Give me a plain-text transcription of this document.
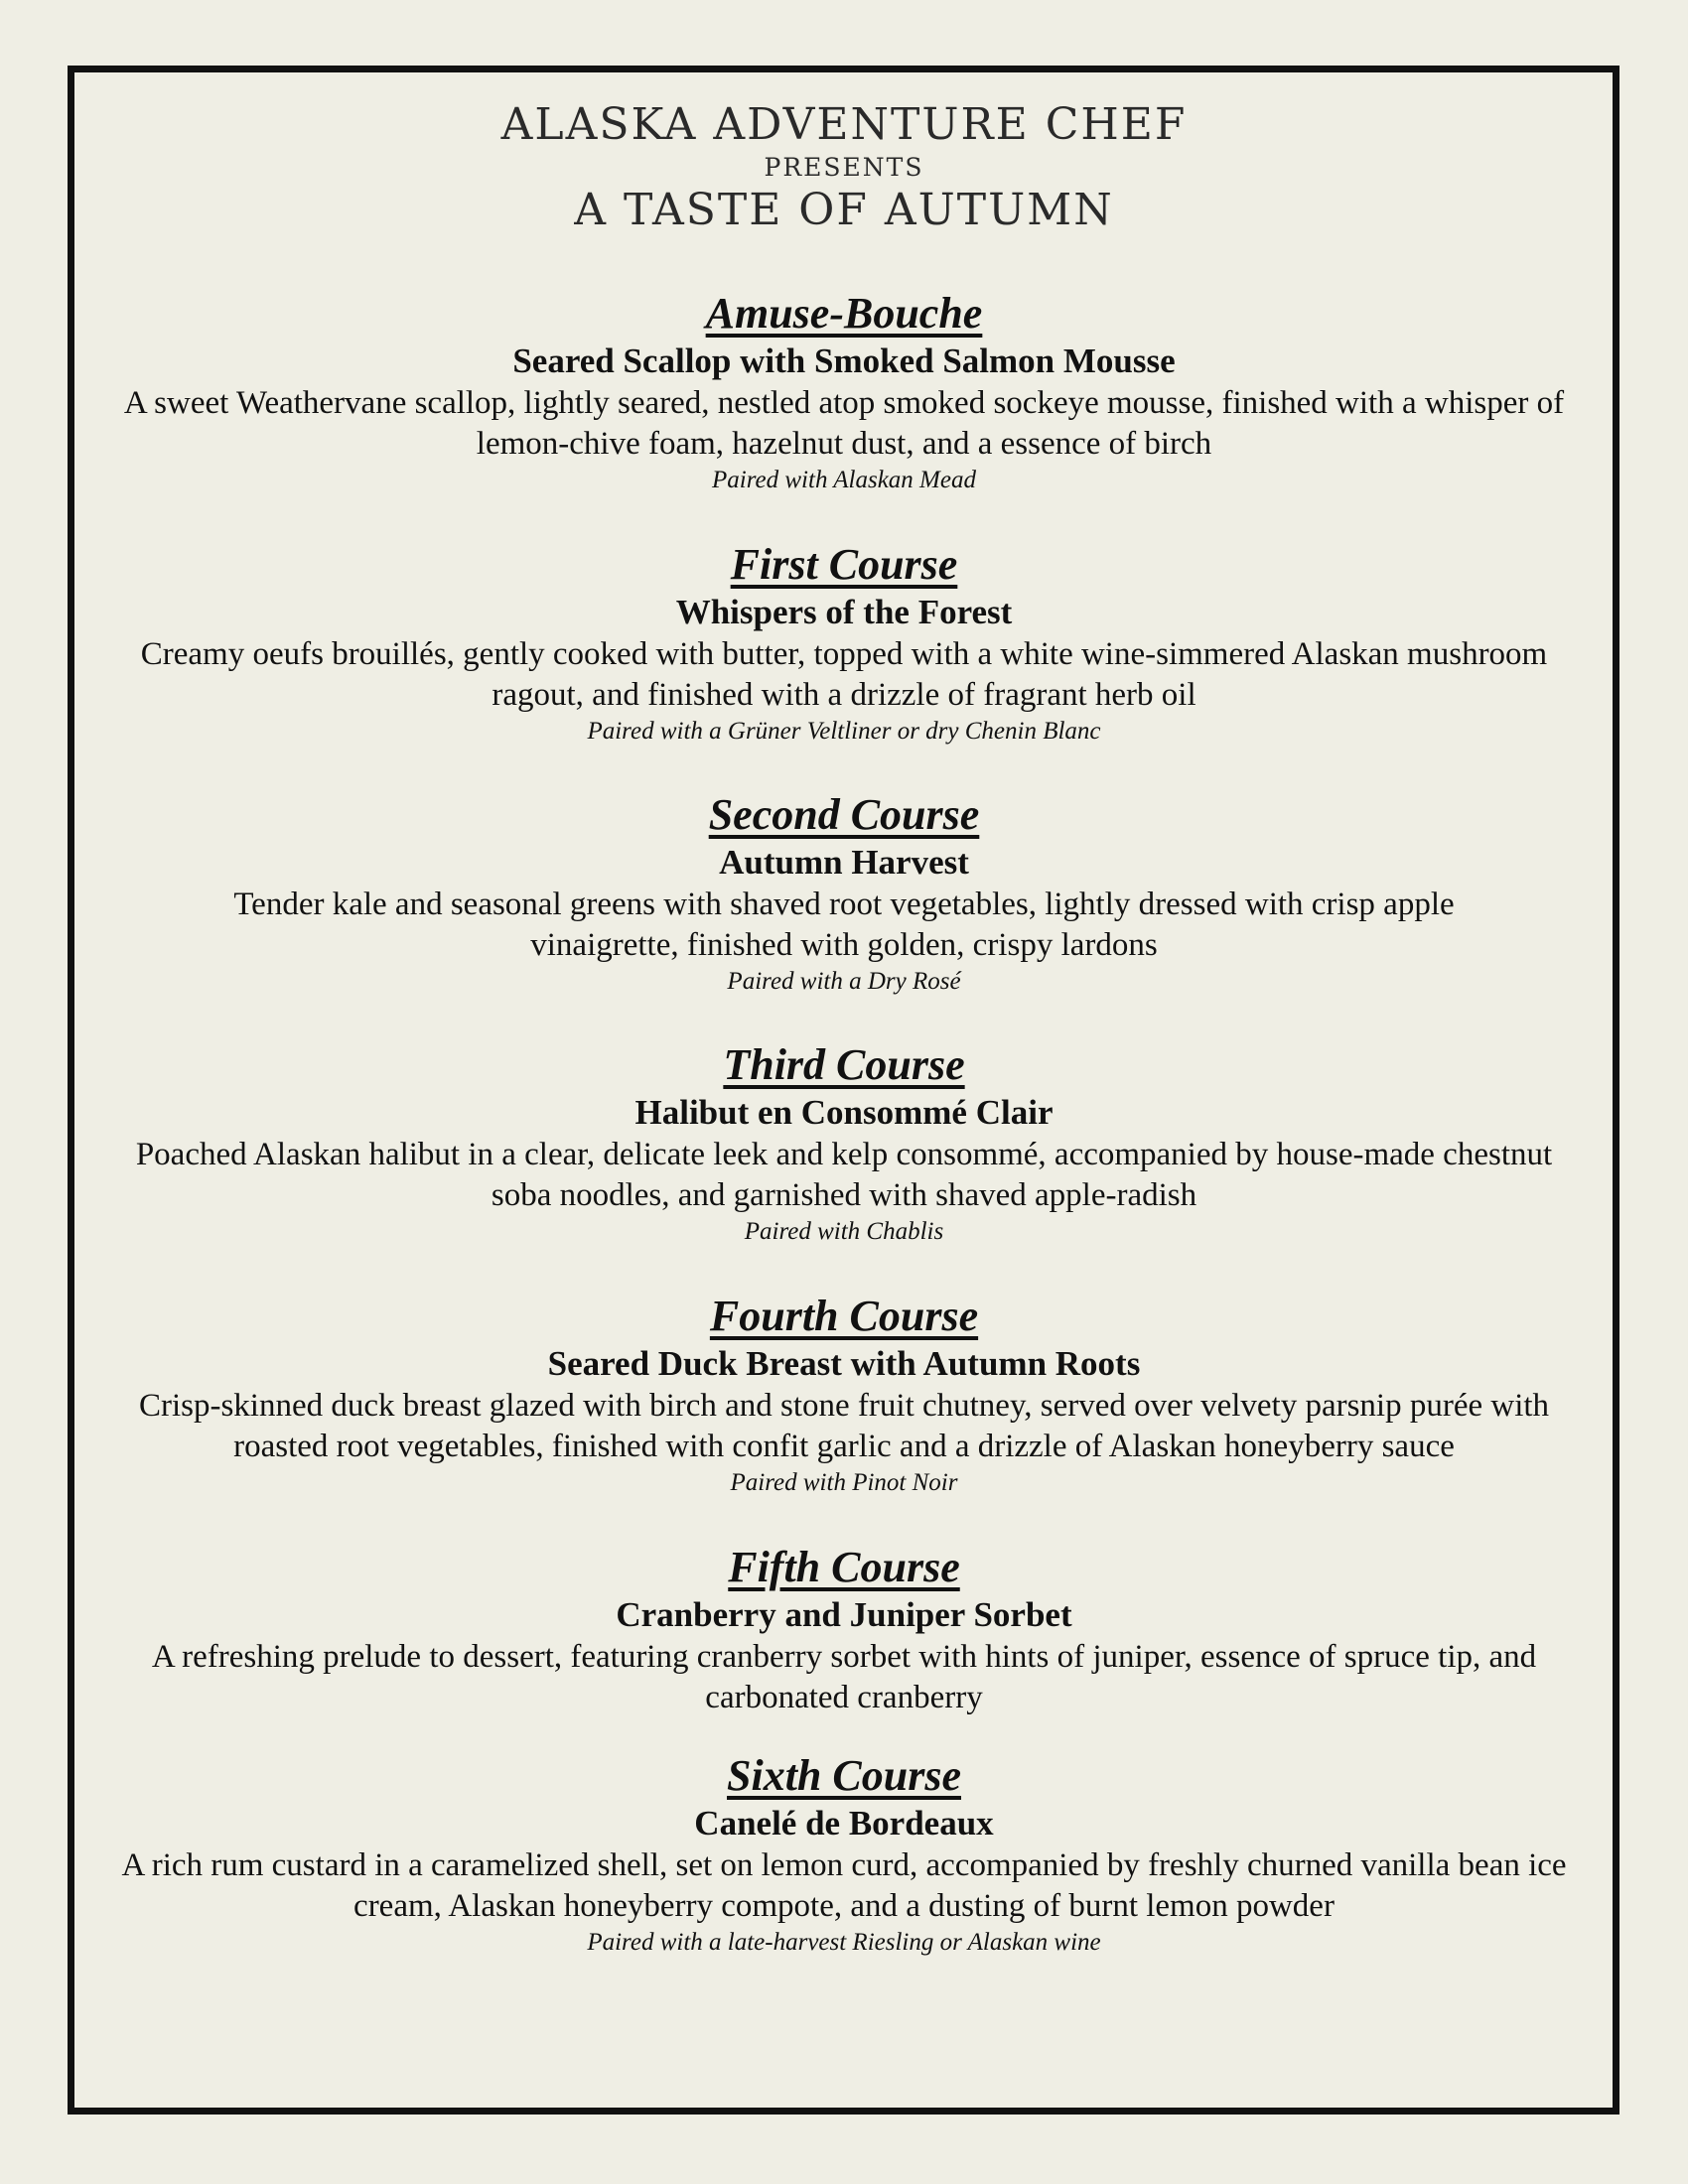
ALASKA ADVENTURE CHEF
PRESENTS
A TASTE OF AUTUMN
Amuse-Bouche
Seared Scallop with Smoked Salmon Mousse
A sweet Weathervane scallop, lightly seared, nestled atop smoked sockeye mousse, finished with a whisper of lemon-chive foam, hazelnut dust, and a essence of birch
Paired with Alaskan Mead
First Course
Whispers of the Forest
Creamy oeufs brouillés, gently cooked with butter, topped with a white wine-simmered Alaskan mushroom ragout, and finished with a drizzle of fragrant herb oil
Paired with a Grüner Veltliner or dry Chenin Blanc
Second Course
Autumn Harvest
Tender kale and seasonal greens with shaved root vegetables, lightly dressed with crisp apple vinaigrette, finished with golden, crispy lardons
Paired with a Dry Rosé
Third Course
Halibut en Consommé Clair
Poached Alaskan halibut in a clear, delicate leek and kelp consommé, accompanied by house-made chestnut soba noodles, and garnished with shaved apple-radish
Paired with Chablis
Fourth Course
Seared Duck Breast with Autumn Roots
Crisp-skinned duck breast glazed with birch and stone fruit chutney, served over velvety parsnip purée with roasted root vegetables, finished with confit garlic and a drizzle of Alaskan honeyberry sauce
Paired with Pinot Noir
Fifth Course
Cranberry and Juniper Sorbet
A refreshing prelude to dessert, featuring cranberry sorbet with hints of juniper, essence of spruce tip, and carbonated cranberry
Sixth Course
Canelé de Bordeaux
A rich rum custard in a caramelized shell, set on lemon curd, accompanied by freshly churned vanilla bean ice cream, Alaskan honeyberry compote, and a dusting of burnt lemon powder
Paired with a late-harvest Riesling or Alaskan wine
